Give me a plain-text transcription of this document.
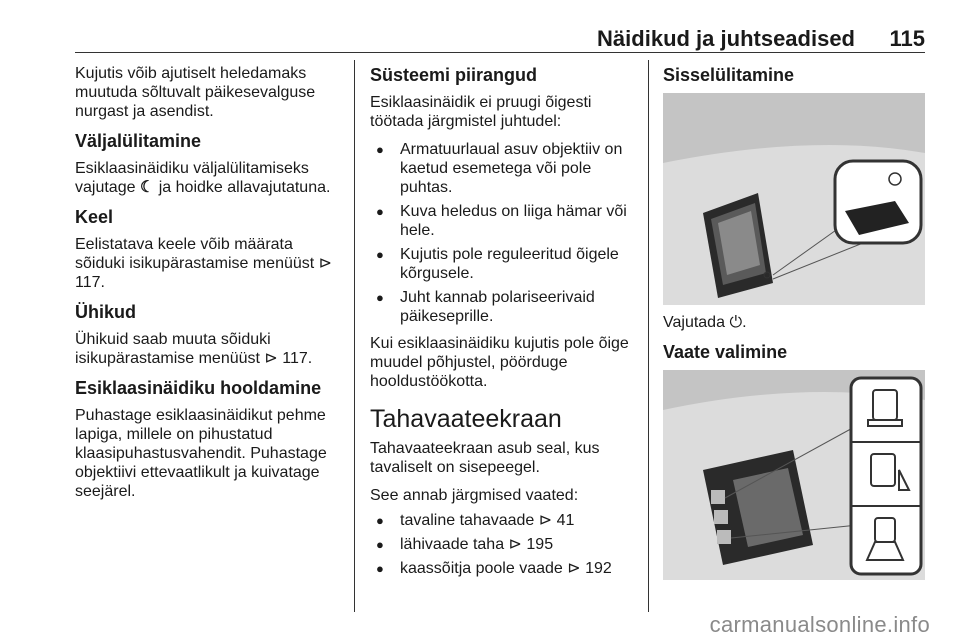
Näidikud ja juhtseadised 115

Kujutis võib ajutiselt heledamaks muutuda sõltuvalt päikesevalguse nurgast ja asendist.

Väljalülitamine

Esiklaasinäidiku väljalülitamiseks vajutage ☾ ja hoidke allavajutatuna.

Keel

Eelistatava keele võib määrata sõiduki isikupärastamise menüüst ⊳ 117.

Ühikud

Ühikuid saab muuta sõiduki isikupärastamise menüüst ⊳ 117.

Esiklaasinäidiku hooldamine

Puhastage esiklaasinäidikut pehme lapiga, millele on pihustatud klaasipuhastusvahendit. Puhastage objektiivi ettevaatlikult ja kuivatage seejärel.

Süsteemi piirangud

Esiklaasinäidik ei pruugi õigesti töötada järgmistel juhtudel:

● Armatuurlaual asuv objektiiv on kaetud esemetega või pole puhtas.
● Kuva heledus on liiga hämar või hele.
● Kujutis pole reguleeritud õigele kõrgusele.
● Juht kannab polariseerivaid päikeseprille.

Kui esiklaasinäidiku kujutis pole õige muudel põhjustel, pöörduge hooldustöökotta.

Tahavaateekraan

Tahavaateekraan asub seal, kus tavaliselt on sisepeegel.

See annab järgmised vaated:

● tavaline tahavaade ⊳ 41
● lähivaade taha ⊳ 195
● kaassõitja poole vaade ⊳ 192
Sisselülitamine

Vajutada ⏻.

Vaate valimine
carmanualsonline.info
